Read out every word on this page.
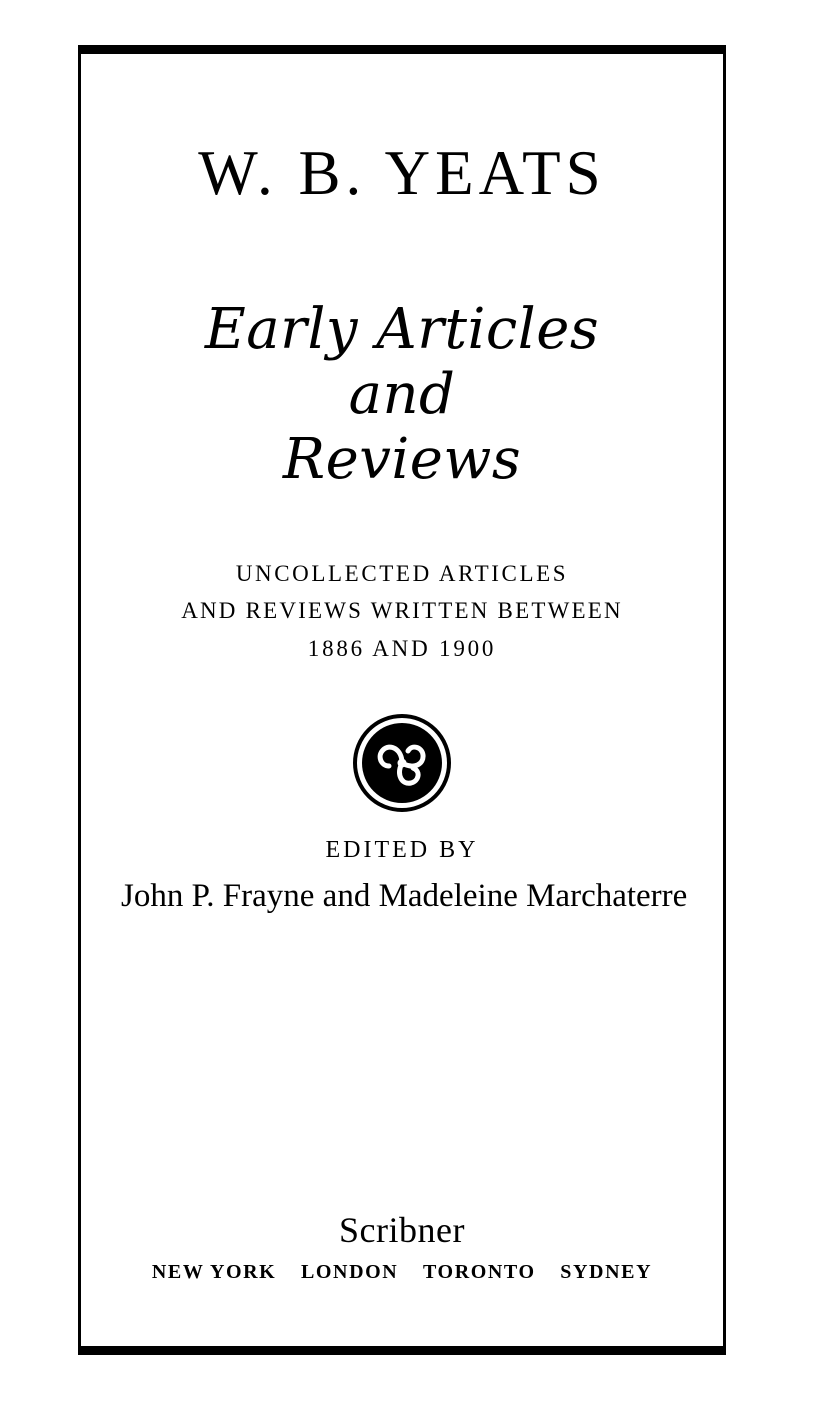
W. B. YEATS
Early Articles and
Reviews
UNCOLLECTED ARTICLES
AND REVIEWS WRITTEN BETWEEN
1886 AND 1900
EDITED BY
John P. Frayne and Madeleine Marchaterre
Scribner
NEW YORK LONDON TORONTO SYDNEY
